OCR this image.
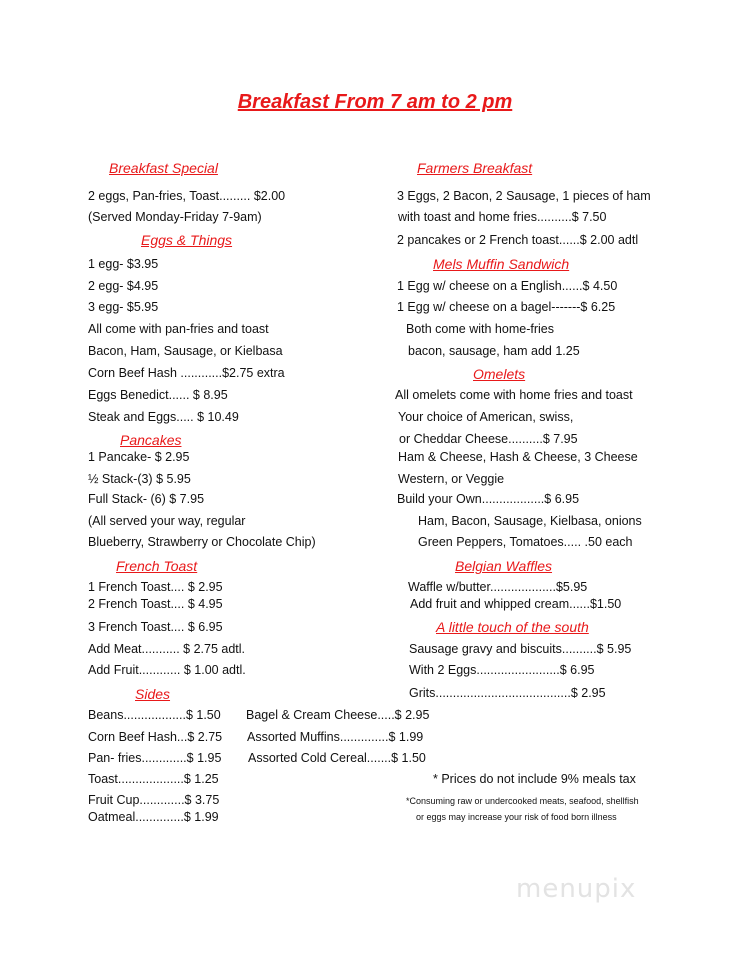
Breakfast From 7 am to 2 pm
Breakfast Special	Farmers Breakfast
Eggs & Things
Mels Muffin Sandwich
Omelets
Pancakes
French Toast	Belgian Waffles
A little touch of the south
Sides
2 eggs, Pan-fries, Toast......... $2.00
(Served Monday-Friday 7-9am)
1 egg- $3.95
2 egg- $4.95
3 egg- $5.95
All come with pan-fries and toast
Bacon, Ham, Sausage, or Kielbasa
Corn Beef Hash ............$2.75 extra
Eggs Benedict...... $ 8.95
Steak and Eggs..... $ 10.49
1 Pancake- $ 2.95
½ Stack-(3) $ 5.95
Full Stack- (6) $ 7.95
(All served your way, regular
Blueberry, Strawberry or Chocolate Chip)
1 French Toast.... $ 2.95
2 French Toast.... $ 4.95
3 French Toast.... $ 6.95
Add Meat........... $ 2.75 adtl.
Add Fruit............ $ 1.00 adtl.
3 Eggs, 2 Bacon, 2 Sausage, 1 pieces of ham
with toast and home fries..........$ 7.50
2 pancakes or 2 French toast......$ 2.00 adtl
1 Egg w/ cheese on a English......$ 4.50
1 Egg w/ cheese on a bagel-------$ 6.25
Both come with home-fries
bacon, sausage, ham add 1.25
All omelets come with home fries and toast
Your choice of American, swiss,
or Cheddar Cheese..........$ 7.95
Ham & Cheese, Hash & Cheese, 3 Cheese
Western, or Veggie
Build your Own..................$ 6.95
Ham, Bacon, Sausage, Kielbasa, onions
Green Peppers, Tomatoes..... .50 each
Waffle w/butter...................$5.95
Add fruit and whipped cream......$1.50
Sausage gravy and biscuits..........$ 5.95
With 2 Eggs........................$ 6.95
Grits.......................................$ 2.95
Beans..................$ 1.50
Corn Beef Hash...$ 2.75
Pan- fries.............$ 1.95
Toast...................$ 1.25
Fruit Cup.............$ 3.75
Oatmeal..............$ 1.99
Bagel & Cream Cheese.....$ 2.95
Assorted Muffins..............$ 1.99
Assorted Cold Cereal.......$ 1.50
* Prices do not include 9% meals tax
*Consuming raw or undercooked meats, seafood, shellfish
or eggs may increase your risk of food born illness
menupix
